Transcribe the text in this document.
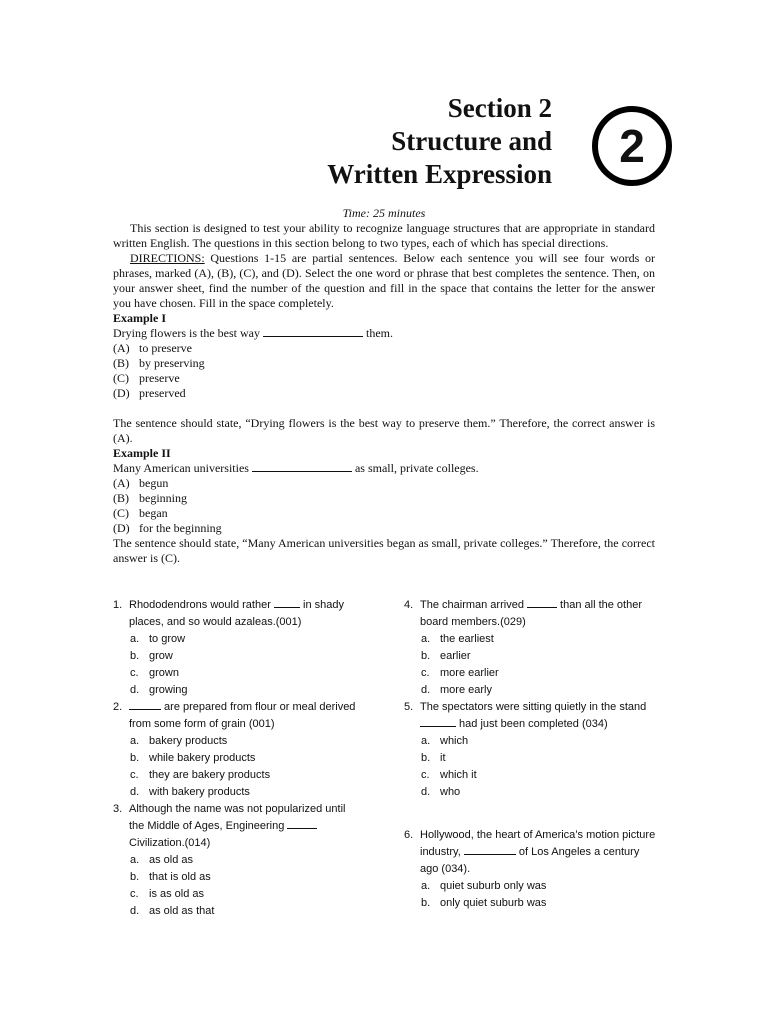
Section 2
Structure and
Written Expression
2
Time: 25 minutes

This section is designed to test your ability to recognize language structures that are appropriate in standard written English. The questions in this section belong to two types, each of which has special directions.

DIRECTIONS: Questions 1-15 are partial sentences. Below each sentence you will see four words or phrases, marked (A), (B), (C), and (D). Select the one word or phrase that best completes the sentence. Then, on your answer sheet, find the number of the question and fill in the space that contains the letter for the answer you have chosen. Fill in the space completely.

Example I
Drying flowers is the best way	them.
(A) to preserve
(B) by preserving
(C) preserve
(D) preserved

The sentence should state, “Drying flowers is the best way to preserve them.” Therefore, the correct answer is (A).

Example II
Many American universities	as small, private colleges.
(A) begun
(B) beginning
(C) began
(D) for the beginning

The sentence should state, “Many American universities began as small, private colleges.” Therefore, the correct answer is (C).

1. Rhododendrons would rather  in shady places, and so would azaleas.(001)
a. to grow
b. grow
c. grown
d. growing
2.	are prepared from flour or meal derived from some form of grain (001)
a. bakery products
b. while bakery products
c. they are bakery products
d. with bakery products
3. Although the name was not popularized until the Middle of Ages, Engineering  Civilization.(014)
a. as old as
b. that is old as
c. is as old as
d. as old as that
4. The chairman arrived	than all the other board members.(029)
a. the earliest
b. earlier
c. more earlier
d. more early
5. The spectators were sitting quietly in the stand  had just been completed (034)
a. which
b. it
c. which it
d. who
6. Hollywood, the heart of America’s motion picture industry,	of Los Angeles a century ago (034).
a. quiet suburb only was
b. only quiet suburb was
